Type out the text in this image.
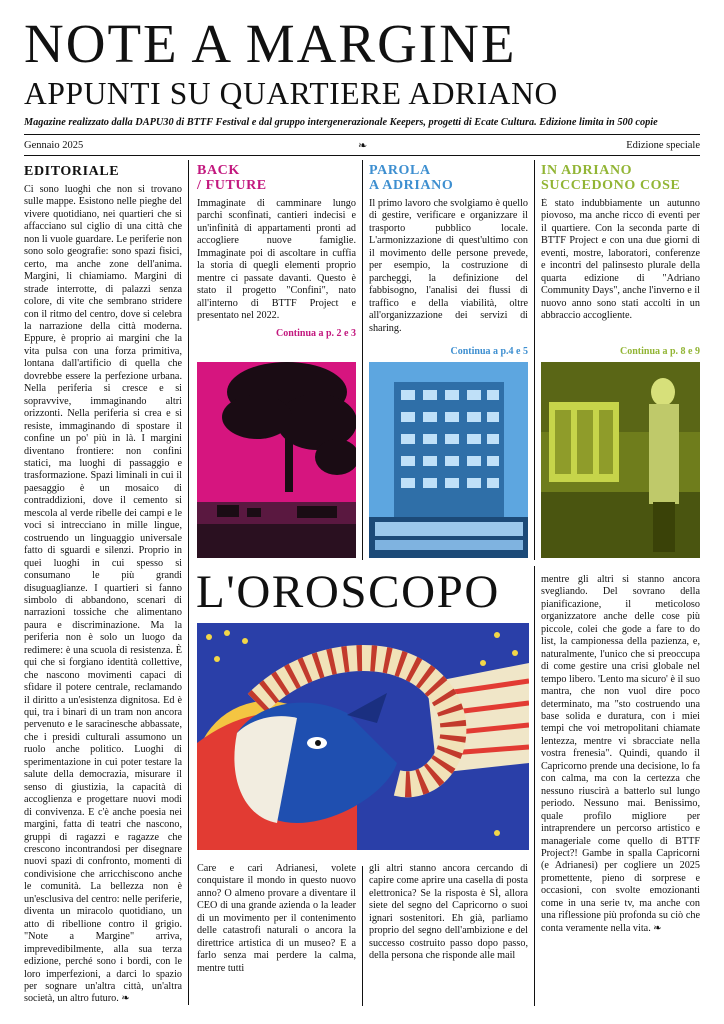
NOTE A MARGINE
APPUNTI SU QUARTIERE ADRIANO
Magazine realizzato dalla DAPU30 di BTTF Festival e dal gruppo intergenerazionale Keepers, progetti di Ecate Cultura. Edizione limita in 500 copie
Gennaio 2025	❧	Edizione speciale
EDITORIALE
Ci sono luoghi che non si trovano sulle mappe. Esistono nelle pieghe del vivere quotidiano, nei quartieri che si affacciano sul ciglio di una città che non li vuole guardare. Le periferie non sono solo geografie: sono spazi fisici, certo, ma anche zone dell'anima. Margini, li chiamiamo. Margini di strade interrotte, di palazzi senza colore, di vite che sembrano stridere con il ritmo del centro, dove si celebra la narrazione della città moderna. Eppure, è proprio ai margini che la vita pulsa con una forza primitiva, lontana dall'artificio di quella che dovrebbe essere la perfezione urbana. Nella periferia si cresce e si sopravvive, immaginando altri orizzonti. Nella periferia si crea e si resiste, immaginando di spostare il confine un po' più in là. I margini diventano frontiere: non confini statici, ma luoghi di passaggio e trasformazione. Spazi liminali in cui il paesaggio è un mosaico di contraddizioni, dove il cemento si mescola al verde ribelle dei campi e le voci si intrecciano in mille lingue, costruendo un linguaggio universale fatto di sguardi e silenzi. Proprio in quei luoghi in cui spesso si consumano le più grandi disuguaglianze. I quartieri si fanno simbolo di abbandono, scenari di narrazioni tossiche che alimentano paura e discriminazione. Ma la periferia non è solo un luogo da redimere: è una scuola di resistenza. È qui che si forgiano identità collettive, che nascono movimenti capaci di sfidare il potere centrale, reclamando il diritto a un'esistenza dignitosa. Ed è qui, tra i binari di un tram non ancora pervenuto e le saracinesche abbassate, che i presidi culturali assumono un ruolo anche politico. Luoghi di sperimentazione in cui poter testare la salute della democrazia, misurare il senso di giustizia, la capacità di accoglienza e progettare nuovi modi di convivenza. E c'è anche poesia nei margini, fatta di teatri che nascono, gruppi di ragazzi e ragazze che crescono incontrandosi per disegnare nuovi spazi di confronto, momenti di condivisione che arricchiscono anche le comunità. La bellezza non è un'esclusiva del centro: nelle periferie, diventa un miracolo quotidiano, un atto di ribellione contro il grigio. "Note a Margine" arriva, imprevedibilmente, alla sua terza edizione, perché sono i bordi, con le loro imperfezioni, a darci lo spazio per sognare un'altra città, un'altra società, un altro futuro. ❧
BACK
/ FUTURE
Immaginate di camminare lungo parchi sconfinati, cantieri indecisi e un'infinità di appartamenti pronti ad accogliere nuove famiglie. Immaginate poi di ascoltare in cuffia la storia di quegli elementi proprio mentre ci passate davanti. Questo è stato il progetto "Confini", nato all'interno di BTTF Project e presentato nel 2022.
Continua a p. 2 e 3
PAROLA
A ADRIANO
Il primo lavoro che svolgiamo è quello di gestire, verificare e organizzare il trasporto pubblico locale. L'armonizzazione di quest'ultimo con il movimento delle persone prevede, per esempio, la costruzione di parcheggi, la definizione del fabbisogno, l'analisi dei flussi di traffico e della viabilità, oltre all'organizzazione dei servizi di sharing.
Continua a p.4 e 5
IN ADRIANO
SUCCEDONO COSE
È stato indubbiamente un autunno piovoso, ma anche ricco di eventi per il quartiere. Con la seconda parte di BTTF Project e con una due giorni di eventi, mostre, laboratori, conferenze e incontri del palinsesto plurale della quarta edizione di "Adriano Community Days", anche l'inverno e il nuovo anno sono stati accolti in un abbraccio accogliente.
Continua a p. 8 e 9
L'OROSCOPO
Care e cari Adrianesi, volete conquistare il mondo in questo nuovo anno? O almeno provare a diventare il CEO di una grande azienda o la leader di un movimento per il contenimento delle catastrofi naturali o ancora la direttrice artistica di un museo? E a farlo senza mai perdere la calma, mentre tutti
gli altri stanno ancora cercando di capire come aprire una casella di posta elettronica? Se la risposta è SÌ, allora siete del segno del Capricorno o suoi ignari sostenitori. Eh già, parliamo proprio del segno dell'ambizione e del successo costruito passo dopo passo, della persona che risponde alle mail
mentre gli altri si stanno ancora svegliando. Del sovrano della pianificazione, il meticoloso organizzatore anche delle cose più piccole, colei che gode a fare to do list, la campionessa della pazienza, e, naturalmente, l'unico che si preoccupa di come gestire una crisi globale nel tempo libero. 'Lento ma sicuro' è il suo mantra, che non vuol dire poco determinato, ma "sto costruendo una base solida e duratura, con i miei tempi che voi metropolitani chiamate lentezza, mentre vi sbracciate nella vostra frenesia". Quindi, quando il Capricorno prende una decisione, lo fa con calma, ma con la certezza che nessuno riuscirà a batterlo sul lungo periodo. Nessuno mai. Benissimo, quale profilo migliore per intraprendere un percorso artistico e manageriale come quello di BTTF Project?! Gambe in spalla Capricorni (e Adrianesi) per cogliere un 2025 promettente, pieno di sorprese e occasioni, con svolte emozionanti come in una serie tv, ma anche con una riflessione più profonda su ciò che conta veramente nella vita. ❧
